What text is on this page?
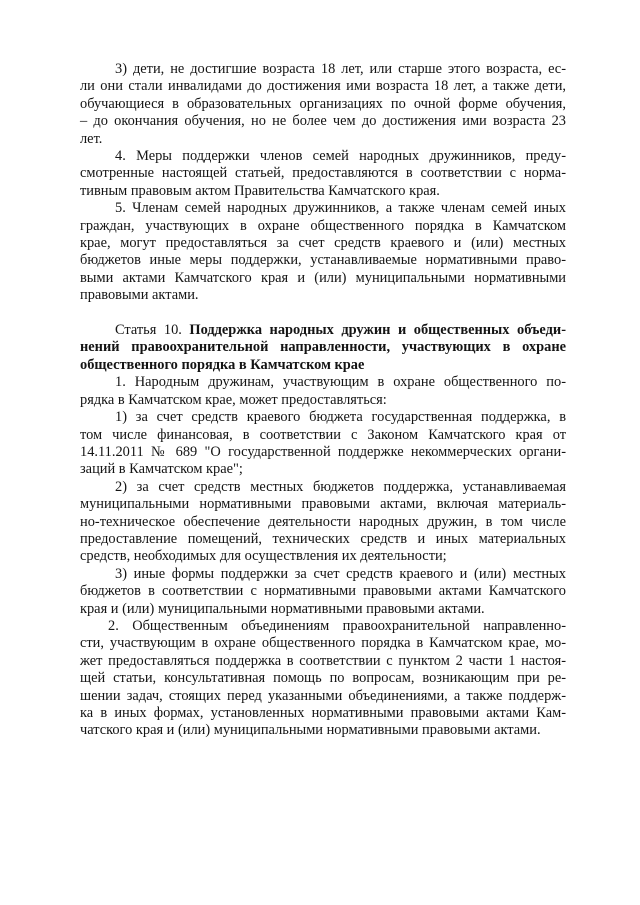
3) дети, не достигшие возраста 18 лет, или старше этого возраста, ес-
ли они стали инвалидами до достижения ими возраста 18 лет, а также дети,
обучающиеся в образовательных организациях по очной форме обучения,
– до окончания обучения, но не более чем до достижения ими возраста 23
лет.
4. Меры поддержки членов семей народных дружинников, преду-
смотренные настоящей статьей, предоставляются в соответствии с норма-
тивным правовым актом Правительства Камчатского края.
5. Членам семей народных дружинников, а также членам семей иных
граждан, участвующих в охране общественного порядка в Камчатском
крае, могут предоставляться за счет средств краевого и (или) местных
бюджетов иные меры поддержки, устанавливаемые нормативными право-
выми актами Камчатского края и (или) муниципальными нормативными
правовыми актами.
Статья 10. Поддержка народных дружин и общественных объеди-
нений правоохранительной направленности, участвующих в охране
общественного порядка в Камчатском крае
1. Народным дружинам, участвующим в охране общественного по-
рядка в Камчатском крае, может предоставляться:
1) за счет средств краевого бюджета государственная поддержка, в
том числе финансовая, в соответствии с Законом Камчатского края от
14.11.2011 № 689 "О государственной поддержке некоммерческих органи-
заций в Камчатском крае";
2) за счет средств местных бюджетов поддержка, устанавливаемая
муниципальными нормативными правовыми актами, включая материаль-
но-техническое обеспечение деятельности народных дружин, в том числе
предоставление помещений, технических средств и иных материальных
средств, необходимых для осуществления их деятельности;
3) иные формы поддержки за счет средств краевого и (или) местных
бюджетов в соответствии с нормативными правовыми актами Камчатского
края и (или) муниципальными нормативными правовыми актами.
2. Общественным объединениям правоохранительной направленно-
сти, участвующим в охране общественного порядка в Камчатском крае, мо-
жет предоставляться поддержка в соответствии с пунктом 2 части 1 настоя-
щей статьи, консультативная помощь по вопросам, возникающим при ре-
шении задач, стоящих перед указанными объединениями, а также поддерж-
ка в иных формах, установленных нормативными правовыми актами Кам-
чатского края и (или) муниципальными нормативными правовыми актами.
